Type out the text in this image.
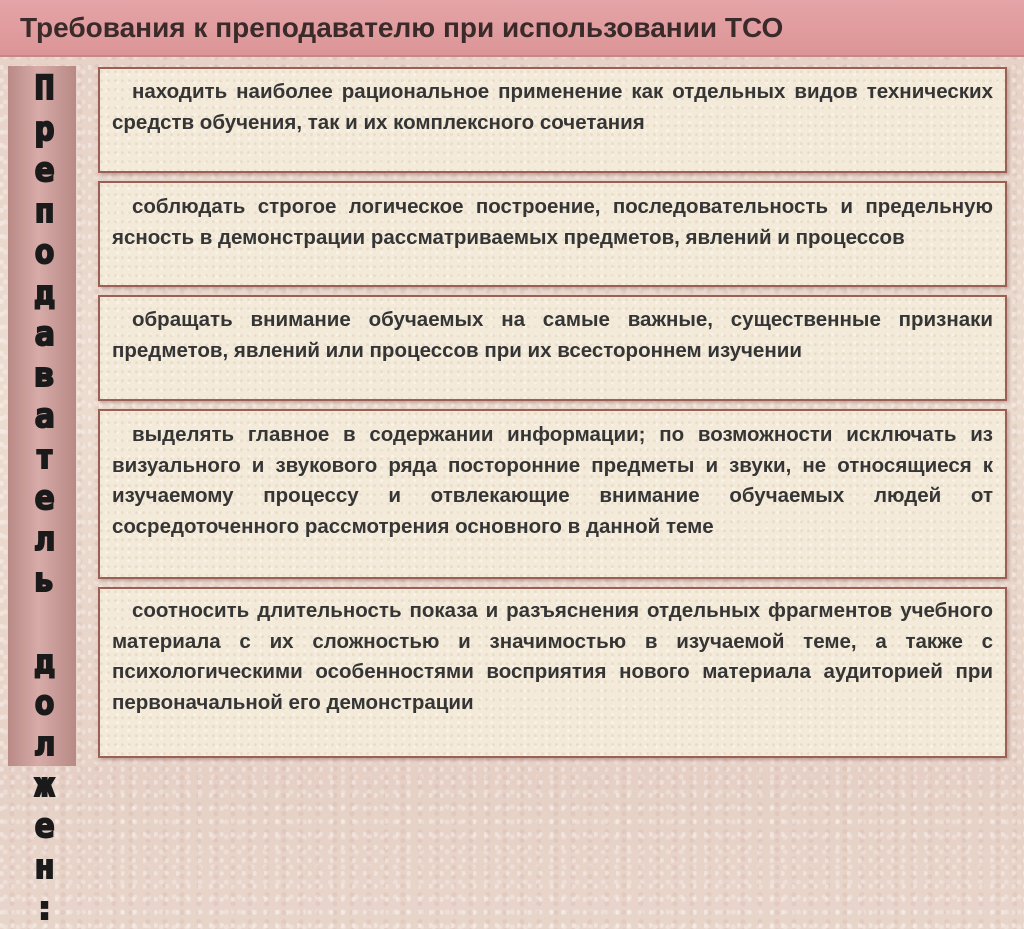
Требования к преподавателю при использовании ТСО
Преподаватель должен:	находить наиболее рациональное применение как отдельных видов технических средств обучения, так и их комплексного сочетания

соблюдать строгое логическое построение, последовательность и предельную ясность в демонстрации рассматриваемых предметов, явлений и процессов

обращать внимание обучаемых на самые важные, существенные признаки предметов, явлений или процессов при их всестороннем изучении

выделять главное в содержании информации; по возможности исключать из визуального и звукового ряда посторонние предметы и звуки, не относящиеся к изучаемому процессу и отвлекающие внимание обучаемых людей от сосредоточенного рассмотрения основного в данной теме

соотносить длительность показа и разъяснения отдельных фрагментов учебного материала с их сложностью и значимостью в изучаемой теме, а также с психологическими особенностями восприятия нового материала аудиторией при первоначальной его демонстрации
